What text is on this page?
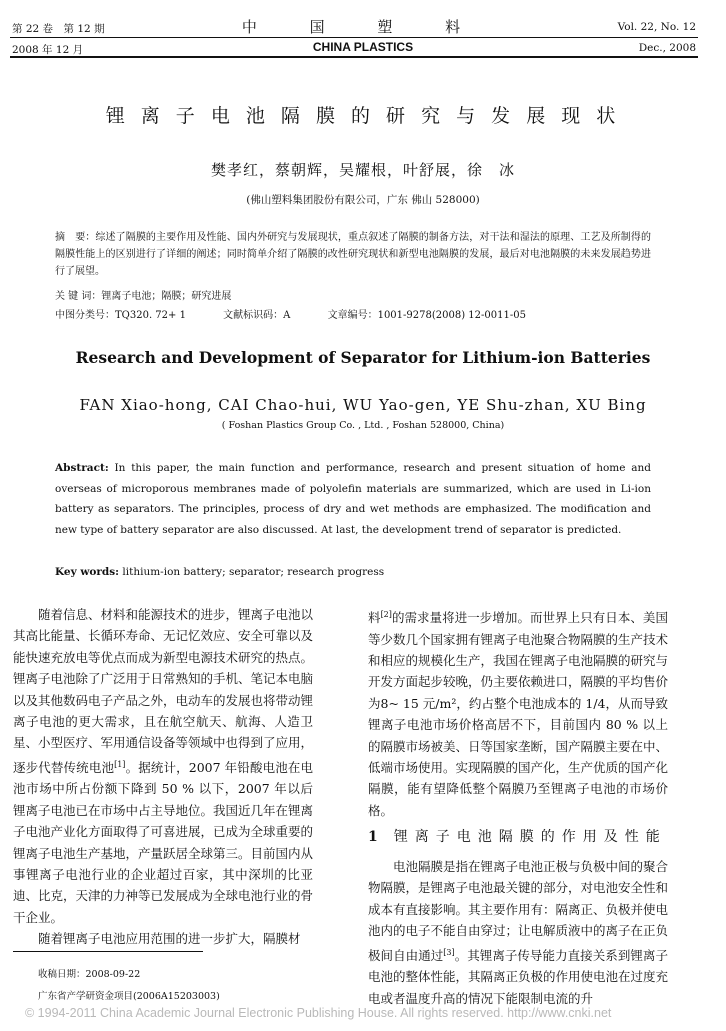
第 22 卷　第 12 期
2008 年 12 月
中 国 塑 料
CHINA PLASTICS
Vol. 22, No. 12
Dec., 2008
锂 离 子 电 池 隔 膜 的 研 究 与 发 展 现 状
樊孝红，蔡朝辉，吴耀根，叶舒展，徐　冰
(佛山塑料集团股份有限公司，广东 佛山 528000)
摘　要：综述了隔膜的主要作用及性能、国内外研究与发展现状，重点叙述了隔膜的制备方法，对干法和湿法的原理、工艺及所制得的隔膜性能上的区别进行了详细的阐述；同时简单介绍了隔膜的改性研究现状和新型电池隔膜的发展，最后对电池隔膜的未来发展趋势进行了展望。
关 键 词：锂离子电池；隔膜；研究进展
中图分类号：TQ320. 72+ 1	文献标识码：A	文章编号：1001-9278(2008) 12-0011-05
Research and Development of Separator for Lithium-ion Batteries
FAN Xiao-hong, CAI Chao-hui, WU Yao-gen, YE Shu-zhan, XU Bing
( Foshan Plastics Group Co. , Ltd. , Foshan 528000, China)
Abstract: In this paper, the main function and performance, research and present situation of home and overseas of microporous membranes made of polyolefin materials are summarized, which are used in Li-ion battery as separators. The principles, process of dry and wet methods are emphasized. The modification and new type of battery separator are also discussed. At last, the development trend of separator is predicted.
Key words: lithium-ion battery; separator; research progress

随着信息、材料和能源技术的进步，锂离子电池以其高比能量、长循环寿命、无记忆效应、安全可靠以及能快速充放电等优点而成为新型电源技术研究的热点。锂离子电池除了广泛用于日常熟知的手机、笔记本电脑以及其他数码电子产品之外，电动车的发展也将带动锂离子电池的更大需求，且在航空航天、航海、人造卫星、小型医疗、军用通信设备等领域中也得到了应用，逐步代替传统电池[1]。据统计，2007 年铅酸电池在电池市场中所占份额下降到 50 % 以下，2007 年以后锂离子电池已在市场中占主导地位。我国近几年在锂离子电池产业化方面取得了可喜进展，已成为全球重要的锂离子电池生产基地，产量跃居全球第三。目前国内从事锂离子电池行业的企业超过百家，其中深圳的比亚迪、比克，天津的力神等已发展成为全球电池行业的骨干企业。

随着锂离子电池应用范围的进一步扩大，隔膜材

料[2]的需求量将进一步增加。而世界上只有日本、美国等少数几个国家拥有锂离子电池聚合物隔膜的生产技术和相应的规模化生产，我国在锂离子电池隔膜的研究与开发方面起步较晚，仍主要依赖进口，隔膜的平均售价为8~ 15 元/m²，约占整个电池成本的 1/4，从而导致锂离子电池市场价格高居不下，目前国内 80 % 以上的隔膜市场被美、日等国家垄断，国产隔膜主要在中、低端市场使用。实现隔膜的国产化，生产优质的国产化隔膜，能有望降低整个隔膜乃至锂离子电池的市场价格。

1 锂离子电池隔膜的作用及性能

电池隔膜是指在锂离子电池正极与负极中间的聚合物隔膜，是锂离子电池最关键的部分，对电池安全性和成本有直接影响。其主要作用有：隔离正、负极并使电池内的电子不能自由穿过；让电解质液中的离子在正负极间自由通过[3]。其锂离子传导能力直接关系到锂离子电池的整体性能，其隔离正负极的作用使电池在过度充电或者温度升高的情况下能限制电流的升

收稿日期：2008-09-22
广东省产学研资金项目(2006A15203003)
© 1994-2011 China Academic Journal Electronic Publishing House. All rights reserved. http://www.cnki.net
